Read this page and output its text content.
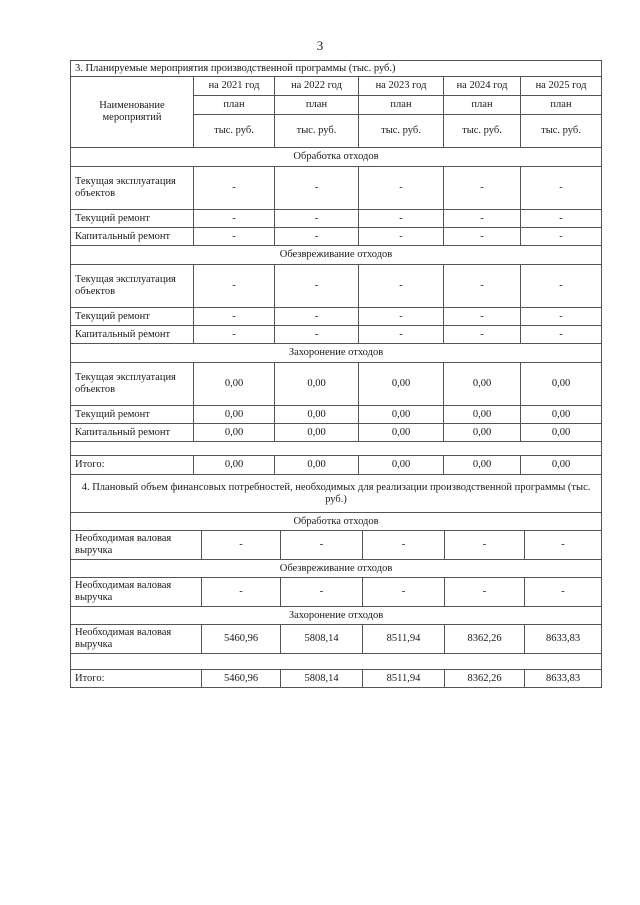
3
3. Планируемые мероприятия производственной программы (тыс. руб.)					
Наименование мероприятий	на 2021 год	на 2022 год	на 2023 год	на 2024 год	на 2025 год
	план	план	план	план	план
	тыс. руб.	тыс. руб.	тыс. руб.	тыс. руб.	тыс. руб.
Обработка отходов					
Текущая эксплуатация объектов	-	-	-	-	-
Текущий ремонт	-	-	-	-	-
Капитальный ремонт	-	-	-	-	-
Обезвреживание отходов					
Текущая эксплуатация объектов	-	-	-	-	-
Текущий ремонт	-	-	-	-	-
Капитальный ремонт	-	-	-	-	-
Захоронение отходов					
Текущая эксплуатация объектов	0,00	0,00	0,00	0,00	0,00
Текущий ремонт	0,00	0,00	0,00	0,00	0,00
Капитальный ремонт	0,00	0,00	0,00	0,00	0,00

Итого:	0,00	0,00	0,00	0,00	0,00
4. Плановый объем финансовых потребностей, необходимых для реализации производственной программы (тыс. руб.)					
Обработка отходов					
Необходимая валовая выручка	-	-	-	-	-
Обезвреживание отходов					
Необходимая валовая выручка	-	-	-	-	-
Захоронение отходов					
Необходимая валовая выручка	5460,96	5808,14	8511,94	8362,26	8633,83

Итого:	5460,96	5808,14	8511,94	8362,26	8633,83
